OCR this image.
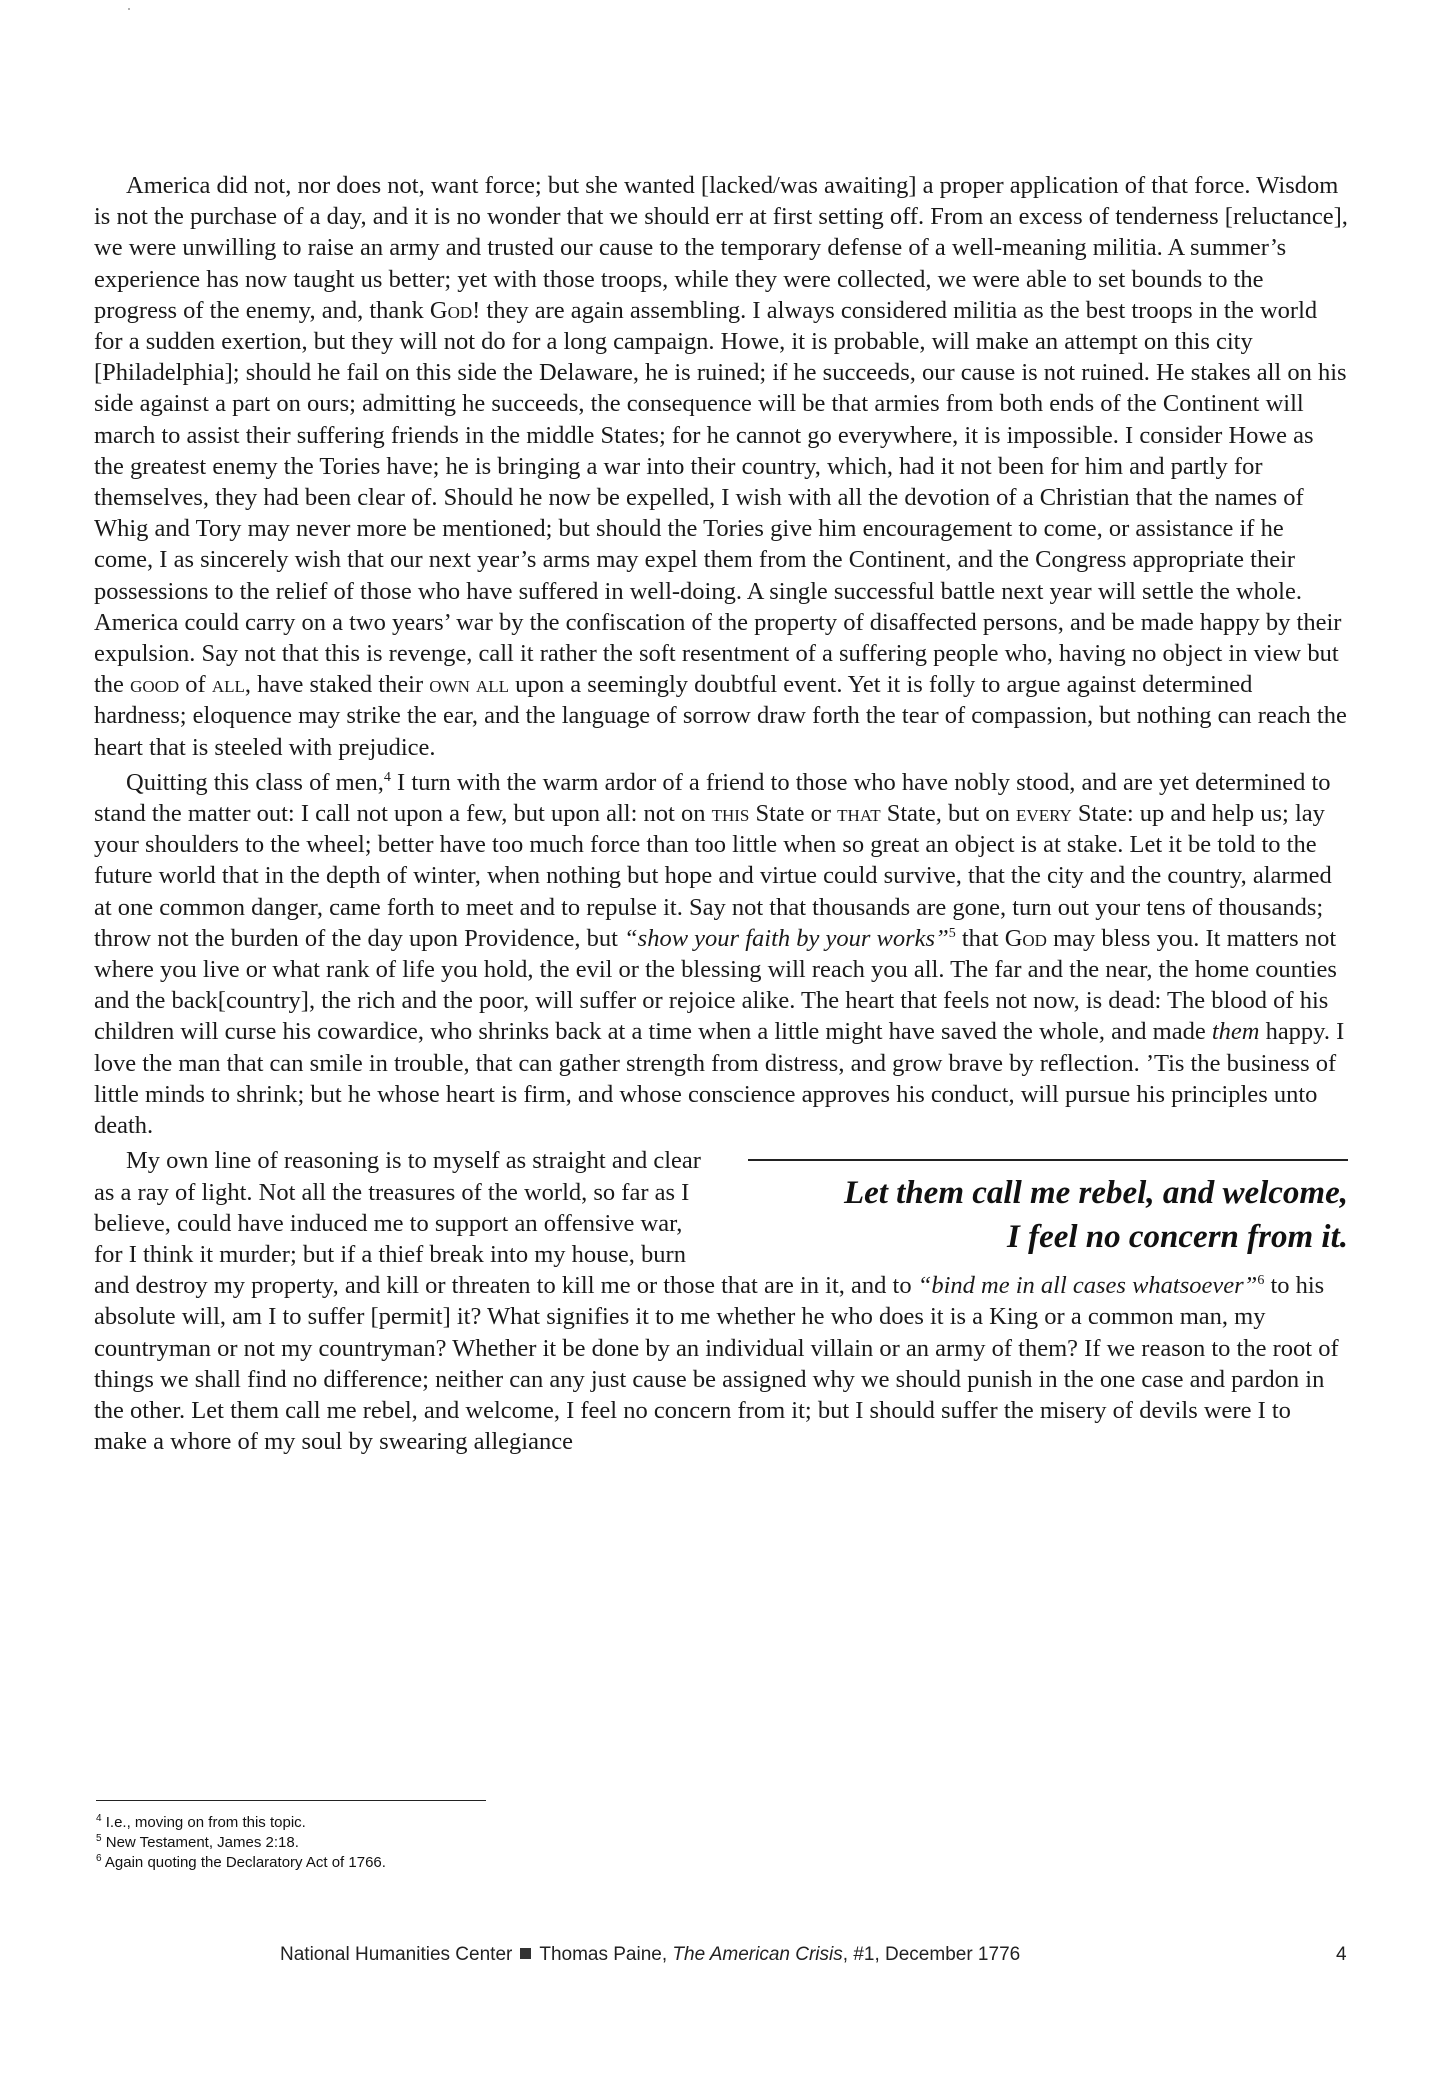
America did not, nor does not, want force; but she wanted [lacked/was awaiting] a proper application of that force. Wisdom is not the purchase of a day, and it is no wonder that we should err at first setting off. From an excess of tenderness [reluctance], we were unwilling to raise an army and trusted our cause to the temporary defense of a well-meaning militia. A summer’s experience has now taught us better; yet with those troops, while they were collected, we were able to set bounds to the progress of the enemy, and, thank God! they are again assembling. I always considered militia as the best troops in the world for a sudden exertion, but they will not do for a long campaign. Howe, it is probable, will make an attempt on this city [Philadelphia]; should he fail on this side the Delaware, he is ruined; if he succeeds, our cause is not ruined. He stakes all on his side against a part on ours; admitting he succeeds, the consequence will be that armies from both ends of the Continent will march to assist their suffering friends in the middle States; for he cannot go everywhere, it is impossible. I consider Howe as the greatest enemy the Tories have; he is bringing a war into their country, which, had it not been for him and partly for themselves, they had been clear of. Should he now be expelled, I wish with all the devotion of a Christian that the names of Whig and Tory may never more be mentioned; but should the Tories give him encouragement to come, or assistance if he come, I as sincerely wish that our next year’s arms may expel them from the Continent, and the Congress appropriate their possessions to the relief of those who have suffered in well-doing. A single successful battle next year will settle the whole. America could carry on a two years’ war by the confiscation of the property of disaffected persons, and be made happy by their expulsion. Say not that this is revenge, call it rather the soft resentment of a suffering people who, having no object in view but the good of all, have staked their own all upon a seemingly doubtful event. Yet it is folly to argue against determined hardness; eloquence may strike the ear, and the language of sorrow draw forth the tear of compassion, but nothing can reach the heart that is steeled with prejudice.

Quitting this class of men,$^4$ I turn with the warm ardor of a friend to those who have nobly stood, and are yet determined to stand the matter out: I call not upon a few, but upon all: not on this State or that State, but on every State: up and help us; lay your shoulders to the wheel; better have too much force than too little when so great an object is at stake. Let it be told to the future world that in the depth of winter, when nothing but hope and virtue could survive, that the city and the country, alarmed at one common danger, came forth to meet and to repulse it. Say not that thousands are gone, turn out your tens of thousands; throw not the burden of the day upon Providence, but “show your faith by your works”$^5$ that God may bless you. It matters not where you live or what rank of life you hold, the evil or the blessing will reach you all. The far and the near, the home counties and the back[country], the rich and the poor, will suffer or rejoice alike. The heart that feels not now, is dead: The blood of his children will curse his cowardice, who shrinks back at a time when a little might have saved the whole, and made them happy. I love the man that can smile in trouble, that can gather strength from distress, and grow brave by reflection. ’Tis the business of little minds to shrink; but he whose heart is firm, and whose conscience approves his conduct, will pursue his principles unto death.

Let them call me rebel, and welcome,
I feel no concern from it.
My own line of reasoning is to myself as straight and clear as a ray of light. Not all the treasures of the world, so far as I believe, could have induced me to support an offensive war, for I think it murder; but if a thief break into my house, burn and destroy my property, and kill or threaten to kill me or those that are in it, and to “bind me in all cases whatsoever”$^6$ to his absolute will, am I to suffer [permit] it? What signifies it to me whether he who does it is a King or a common man, my countryman or not my countryman? Whether it be done by an individual villain or an army of them? If we reason to the root of things we shall find no difference; neither can any just cause be assigned why we should punish in the one case and pardon in the other. Let them call me rebel, and welcome, I feel no concern from it; but I should suffer the misery of devils were I to make a whore of my soul by swearing allegiance

$^4$ I.e., moving on from this topic.
$^5$ New Testament, James 2:18.
$^6$ Again quoting the Declaratory Act of 1766.
National Humanities Center Thomas Paine, The American Crisis, #1, December 1776	4
